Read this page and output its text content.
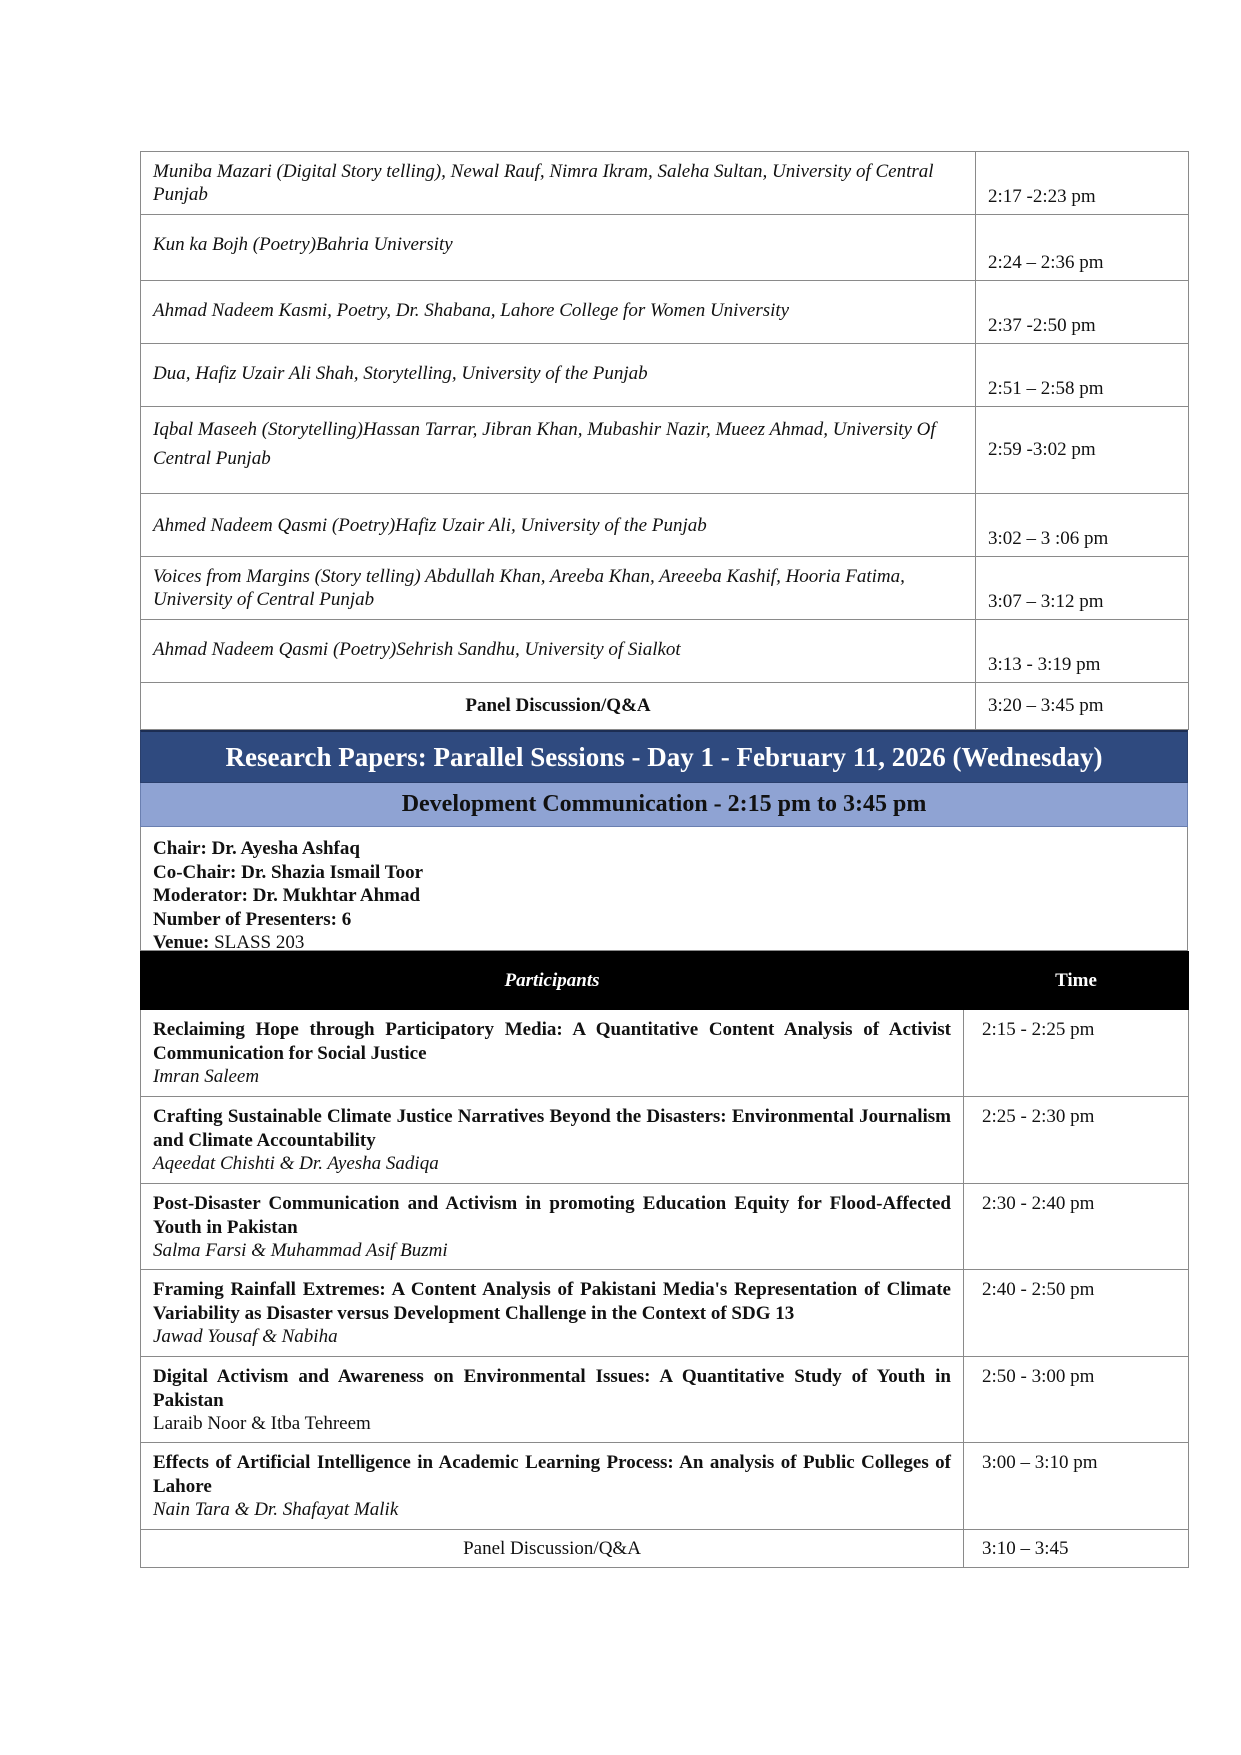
Muniba Mazari (Digital Story telling), Newal Rauf, Nimra Ikram, Saleha Sultan, University of Central Punjab	2:17 -2:23 pm
Kun ka Bojh (Poetry)Bahria University	2:24 – 2:36 pm
Ahmad Nadeem Kasmi, Poetry, Dr. Shabana, Lahore College for Women University	2:37 -2:50 pm
Dua, Hafiz Uzair Ali Shah, Storytelling, University of the Punjab	2:51 – 2:58 pm
Iqbal Maseeh (Storytelling)Hassan Tarrar, Jibran Khan, Mubashir Nazir, Mueez Ahmad, University Of Central Punjab	2:59 -3:02 pm
Ahmed Nadeem Qasmi (Poetry)Hafiz Uzair Ali, University of the Punjab	3:02 – 3 :06 pm
Voices from Margins (Story telling) Abdullah Khan, Areeba Khan, Areeeba Kashif, Hooria Fatima, University of Central Punjab	3:07 – 3:12 pm
Ahmad Nadeem Qasmi (Poetry)Sehrish Sandhu, University of Sialkot	3:13 - 3:19 pm
Panel Discussion/Q&A	3:20 – 3:45 pm
Research Papers: Parallel Sessions - Day 1 - February 11, 2026 (Wednesday)
Development Communication - 2:15 pm to 3:45 pm
Chair: Dr. Ayesha Ashfaq
Co-Chair: Dr. Shazia Ismail Toor
Moderator: Dr. Mukhtar Ahmad
Number of Presenters: 6
Venue: SLASS 203
Participants	Time

Reclaiming Hope through Participatory Media: A Quantitative Content Analysis of Activist Communication for Social Justice
Imran Saleem	2:15 - 2:25 pm

Crafting Sustainable Climate Justice Narratives Beyond the Disasters: Environmental Journalism and Climate Accountability
Aqeedat Chishti & Dr. Ayesha Sadiqa	2:25 - 2:30 pm

Post-Disaster Communication and Activism in promoting Education Equity for Flood-Affected Youth in Pakistan
Salma Farsi & Muhammad Asif Buzmi	2:30 - 2:40 pm

Framing Rainfall Extremes: A Content Analysis of Pakistani Media's Representation of Climate Variability as Disaster versus Development Challenge in the Context of SDG 13
Jawad Yousaf & Nabiha	2:40 - 2:50 pm

Digital Activism and Awareness on Environmental Issues: A Quantitative Study of Youth in Pakistan
Laraib Noor & Itba Tehreem	2:50 - 3:00 pm

Effects of Artificial Intelligence in Academic Learning Process: An analysis of Public Colleges of Lahore
Nain Tara & Dr. Shafayat Malik	3:00 – 3:10 pm
Panel Discussion/Q&A	3:10 – 3:45
